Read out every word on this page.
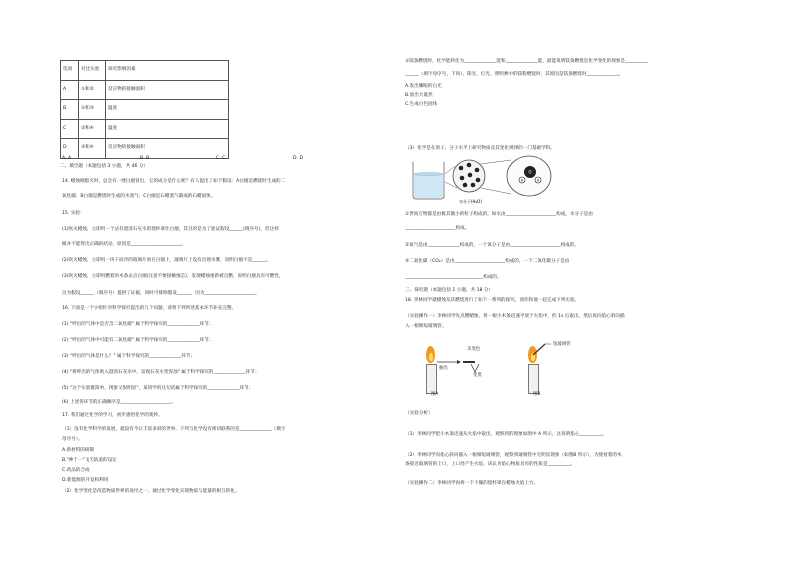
选项	对比实验	探究影响因素
A	①和②	反应物的接触面积
B	①和③	温度
C	②和④	温度
D	③和④	反应物的接触面积
A. A	B. B	C. C	D. D
二、填空题（本题包括 3 小题，共 46 分）
14. 蜡烛刚熄灭时，总会有一缕白烟冒出，它的成分是什么呢？有人提出了如下假设：A白烟是燃烧时生成的二
氧化碳；B白烟是燃烧时生成的水蒸气；C白烟是石蜡蒸气凝成的石蜡固体。
15. 实验：
(1)吹灭蜡烛，立即用一个沾有澄清石灰水的烧杯罩住白烟，其目的是为了验证假设______(填序号)，但这样
做并不能得出正确的结论，原因是______________________。
(2)吹灭蜡烛，立即用一块干而冷的玻璃片放在白烟上，玻璃片上没有出现水雾，说明白烟不是______。
(3)吹灭蜡烛，立即用燃着的木条去点白烟(注意不要接触烛芯)，发现蜡烛重新被点燃，说明白烟具有可燃性，
这为假设______（填序号）提供了证据，同时可排除假设______，因为______________________。
16. 下面是一个小组针对科学探究提出的几个问题，请将下列所述基本环节补充完整。
(1) "呼出的气体中是否含二氧化碳" 属于科学探究的______________环节；
(2) "呼出的气体中可能有二氧化碳" 属于科学探究的______________环节；
(3) "呼出的气体是什么？" 属于科学探究的______________环节；
(4) "将呼出的气体吹入澄清石灰水中，发现石灰水变浑浊" 属于科学探究的______________环节；
(5) "这个实验既简单，现象又很明显"，某同学的这句话属于科学探究的______________环节；
(6) 上述各环节的正确顺序是______________________。
17. 我们通过化学的学习，初步感悟化学的奥妙。
（1）没有化学科学的发展，就没有今日丰富多彩的世界。下列与化学没有密切联系的是______________（填字
母序号）。
A.新材料的研制
B."神十一"飞天轨道的设定
C.药品的合成
D.新能源的开发和利用
（2）化学变化是改造物质世界的途径之一，通过化学变化实现物质与能量的相互转化。
①镁条燃烧时，化学能转化为______________能和______________能，最能说明镁条燃烧是化学变化的现象是__________
______（填字母序号，下同）。阳光、灯光、照明弹中的镁粉燃烧时，其原因是镁条燃烧时______________。
A.发出耀眼的白光
B.放出大量热
C.生成白色固体
（3）化学是在原子、分子水平上研究物质及其变化规律的一门基础学科。
O
H	H
水分子(H₂O)
①世间万物都是由极其微小的粒子构成的，如水由______________________构成，水分子是由
______________________构成。
②氧气是由______________构成的，一个氧分子是由______________________构成的。
③二氧化碳（CO₂）是由______________________构成的，一个二氧化碳分子是由
__________________________________构成的。
三、探究题（本题包括 1 小题，共 18 分）
18. 李林同学就蜡烛及其燃烧进行了如下一系列的探究，请你和他一起完成下列实验。
（实验操作一）李林同学先点燃蜡烛，将一根小木条迅速平放于火焰中，约 1s 后取出，然后再向焰心斜向插
入一根细短玻璃管。
未变色
抽出
变黑
图A
短玻璃管
图B
（实验分析）
（1）李林同学把小木条迅速从火焰中取出，观察到的现象如图中 A 所示，这说明焰心__________。
（2）李林同学向焰心斜向插入一根细短玻璃管，观察到玻璃管中无明显现象（如图B 所示），为使看着的木
条接近玻璃管的上口，上口处产生火焰，该认为焰心物质具有的性质是__________。
（实验操作二）李林同学再将一个干燥的烧杯罩在蜡烛火焰上方。
